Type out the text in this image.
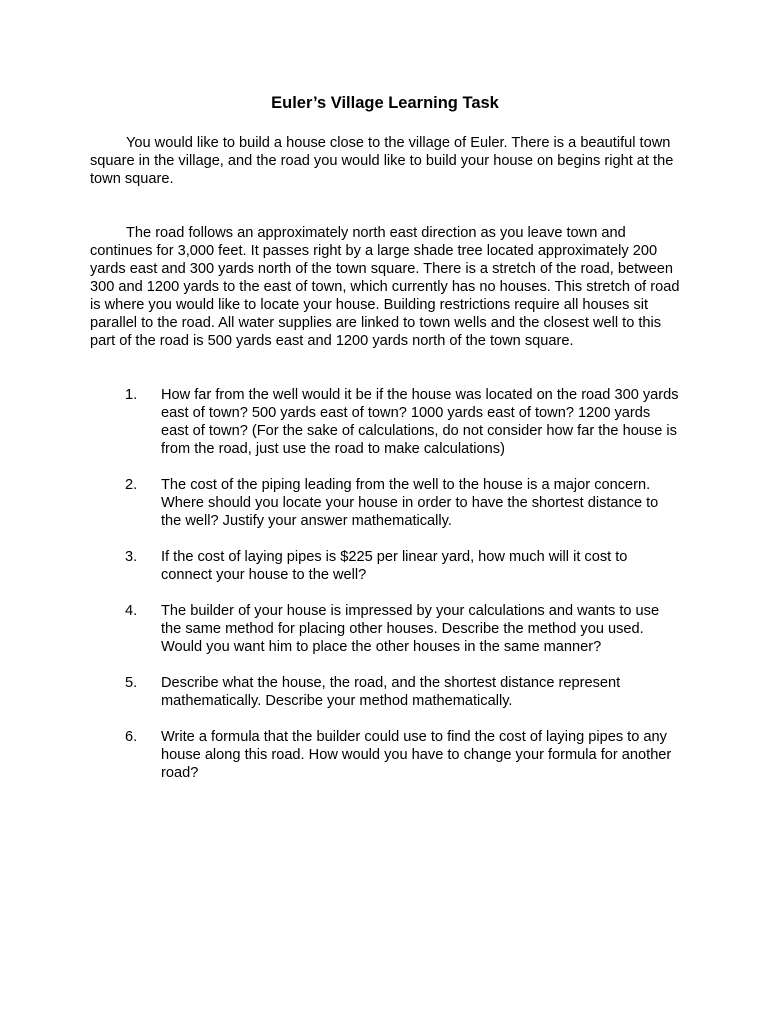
Euler’s Village Learning Task

You would like to build a house close to the village of Euler. There is a beautiful town square in the village, and the road you would like to build your house on begins right at the town square.

The road follows an approximately north east direction as you leave town and continues for 3,000 feet. It passes right by a large shade tree located approximately 200 yards east and 300 yards north of the town square. There is a stretch of the road, between 300 and 1200 yards to the east of town, which currently has no houses. This stretch of road is where you would like to locate your house. Building restrictions require all houses sit parallel to the road. All water supplies are linked to town wells and the closest well to this part of the road is 500 yards east and 1200 yards north of the town square.

1.	How far from the well would it be if the house was located on the road 300 yards east of town? 500 yards east of town? 1000 yards east of town? 1200 yards east of town? (For the sake of calculations, do not consider how far the house is from the road, just use the road to make calculations)
2.	The cost of the piping leading from the well to the house is a major concern. Where should you locate your house in order to have the shortest distance to the well? Justify your answer mathematically.
3.	If the cost of laying pipes is $225 per linear yard, how much will it cost to connect your house to the well?
4.	The builder of your house is impressed by your calculations and wants to use the same method for placing other houses. Describe the method you used. Would you want him to place the other houses in the same manner?
5.	Describe what the house, the road, and the shortest distance represent mathematically. Describe your method mathematically.
6.	Write a formula that the builder could use to find the cost of laying pipes to any house along this road. How would you have to change your formula for another road?
